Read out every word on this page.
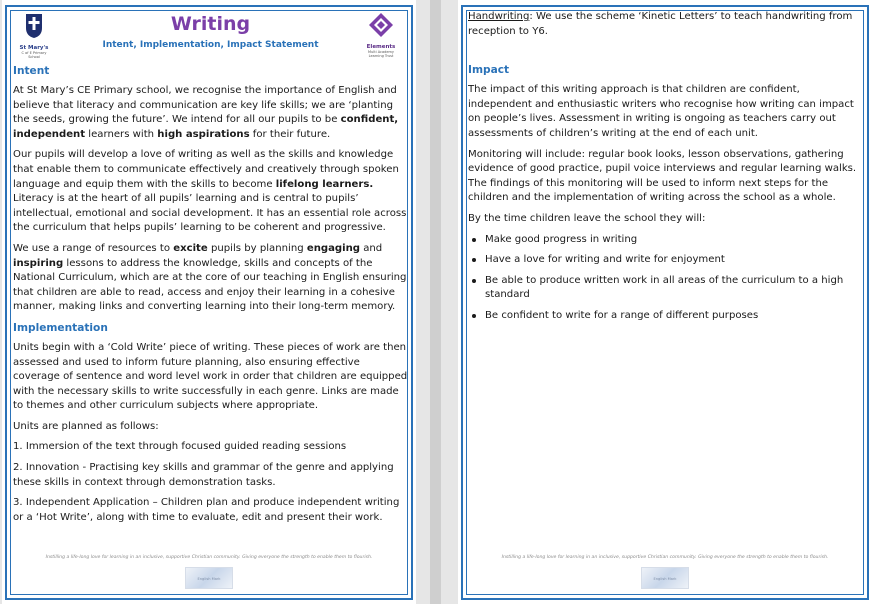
St Mary's
C of E Primary School
Writing
Intent, Implementation, Impact Statement	Elements
Multi Academy Learning Trust
Intent

At St Mary’s CE Primary school, we recognise the importance of English and believe that literacy and communication are key life skills; we are ‘planting the seeds, growing the future’. We intend for all our pupils to be confident, independent learners with high aspirations for their future.

Our pupils will develop a love of writing as well as the skills and knowledge that enable them to communicate effectively and creatively through spoken language and equip them with the skills to become lifelong learners. Literacy is at the heart of all pupils’ learning and is central to pupils’ intellectual, emotional and social development. It has an essential role across the curriculum that helps pupils’ learning to be coherent and progressive.

We use a range of resources to excite pupils by planning engaging and inspiring lessons to address the knowledge, skills and concepts of the National Curriculum, which are at the core of our teaching in English ensuring that children are able to read, access and enjoy their learning in a cohesive manner, making links and converting learning into their long-term memory.

Implementation

Units begin with a ‘Cold Write’ piece of writing. These pieces of work are then assessed and used to inform future planning, also ensuring effective coverage of sentence and word level work in order that children are equipped with the necessary skills to write successfully in each genre. Links are made to themes and other curriculum subjects where appropriate.

Units are planned as follows:

1. Immersion of the text through focused guided reading sessions

2. Innovation - Practising key skills and grammar of the genre and applying these skills in context through demonstration tasks.

3. Independent Application – Children plan and produce independent writing or a ‘Hot Write’, along with time to evaluate, edit and present their work.

Instilling a life-long love for learning in an inclusive, supportive Christian community. Giving everyone the strength to enable them to flourish.
English Mark

Handwriting: We use the scheme ‘Kinetic Letters’ to teach handwriting from reception to Y6.

Impact

The impact of this writing approach is that children are confident, independent and enthusiastic writers who recognise how writing can impact on people’s lives. Assessment in writing is ongoing as teachers carry out assessments of children’s writing at the end of each unit.

Monitoring will include: regular book looks, lesson observations, gathering evidence of good practice, pupil voice interviews and regular learning walks. The findings of this monitoring will be used to inform next steps for the children and the implementation of writing across the school as a whole.

By the time children leave the school they will:

Make good progress in writing
Have a love for writing and write for enjoyment
Be able to produce written work in all areas of the curriculum to a high standard
Be confident to write for a range of different purposes
Instilling a life-long love for learning in an inclusive, supportive Christian community. Giving everyone the strength to enable them to flourish.
English Mark
